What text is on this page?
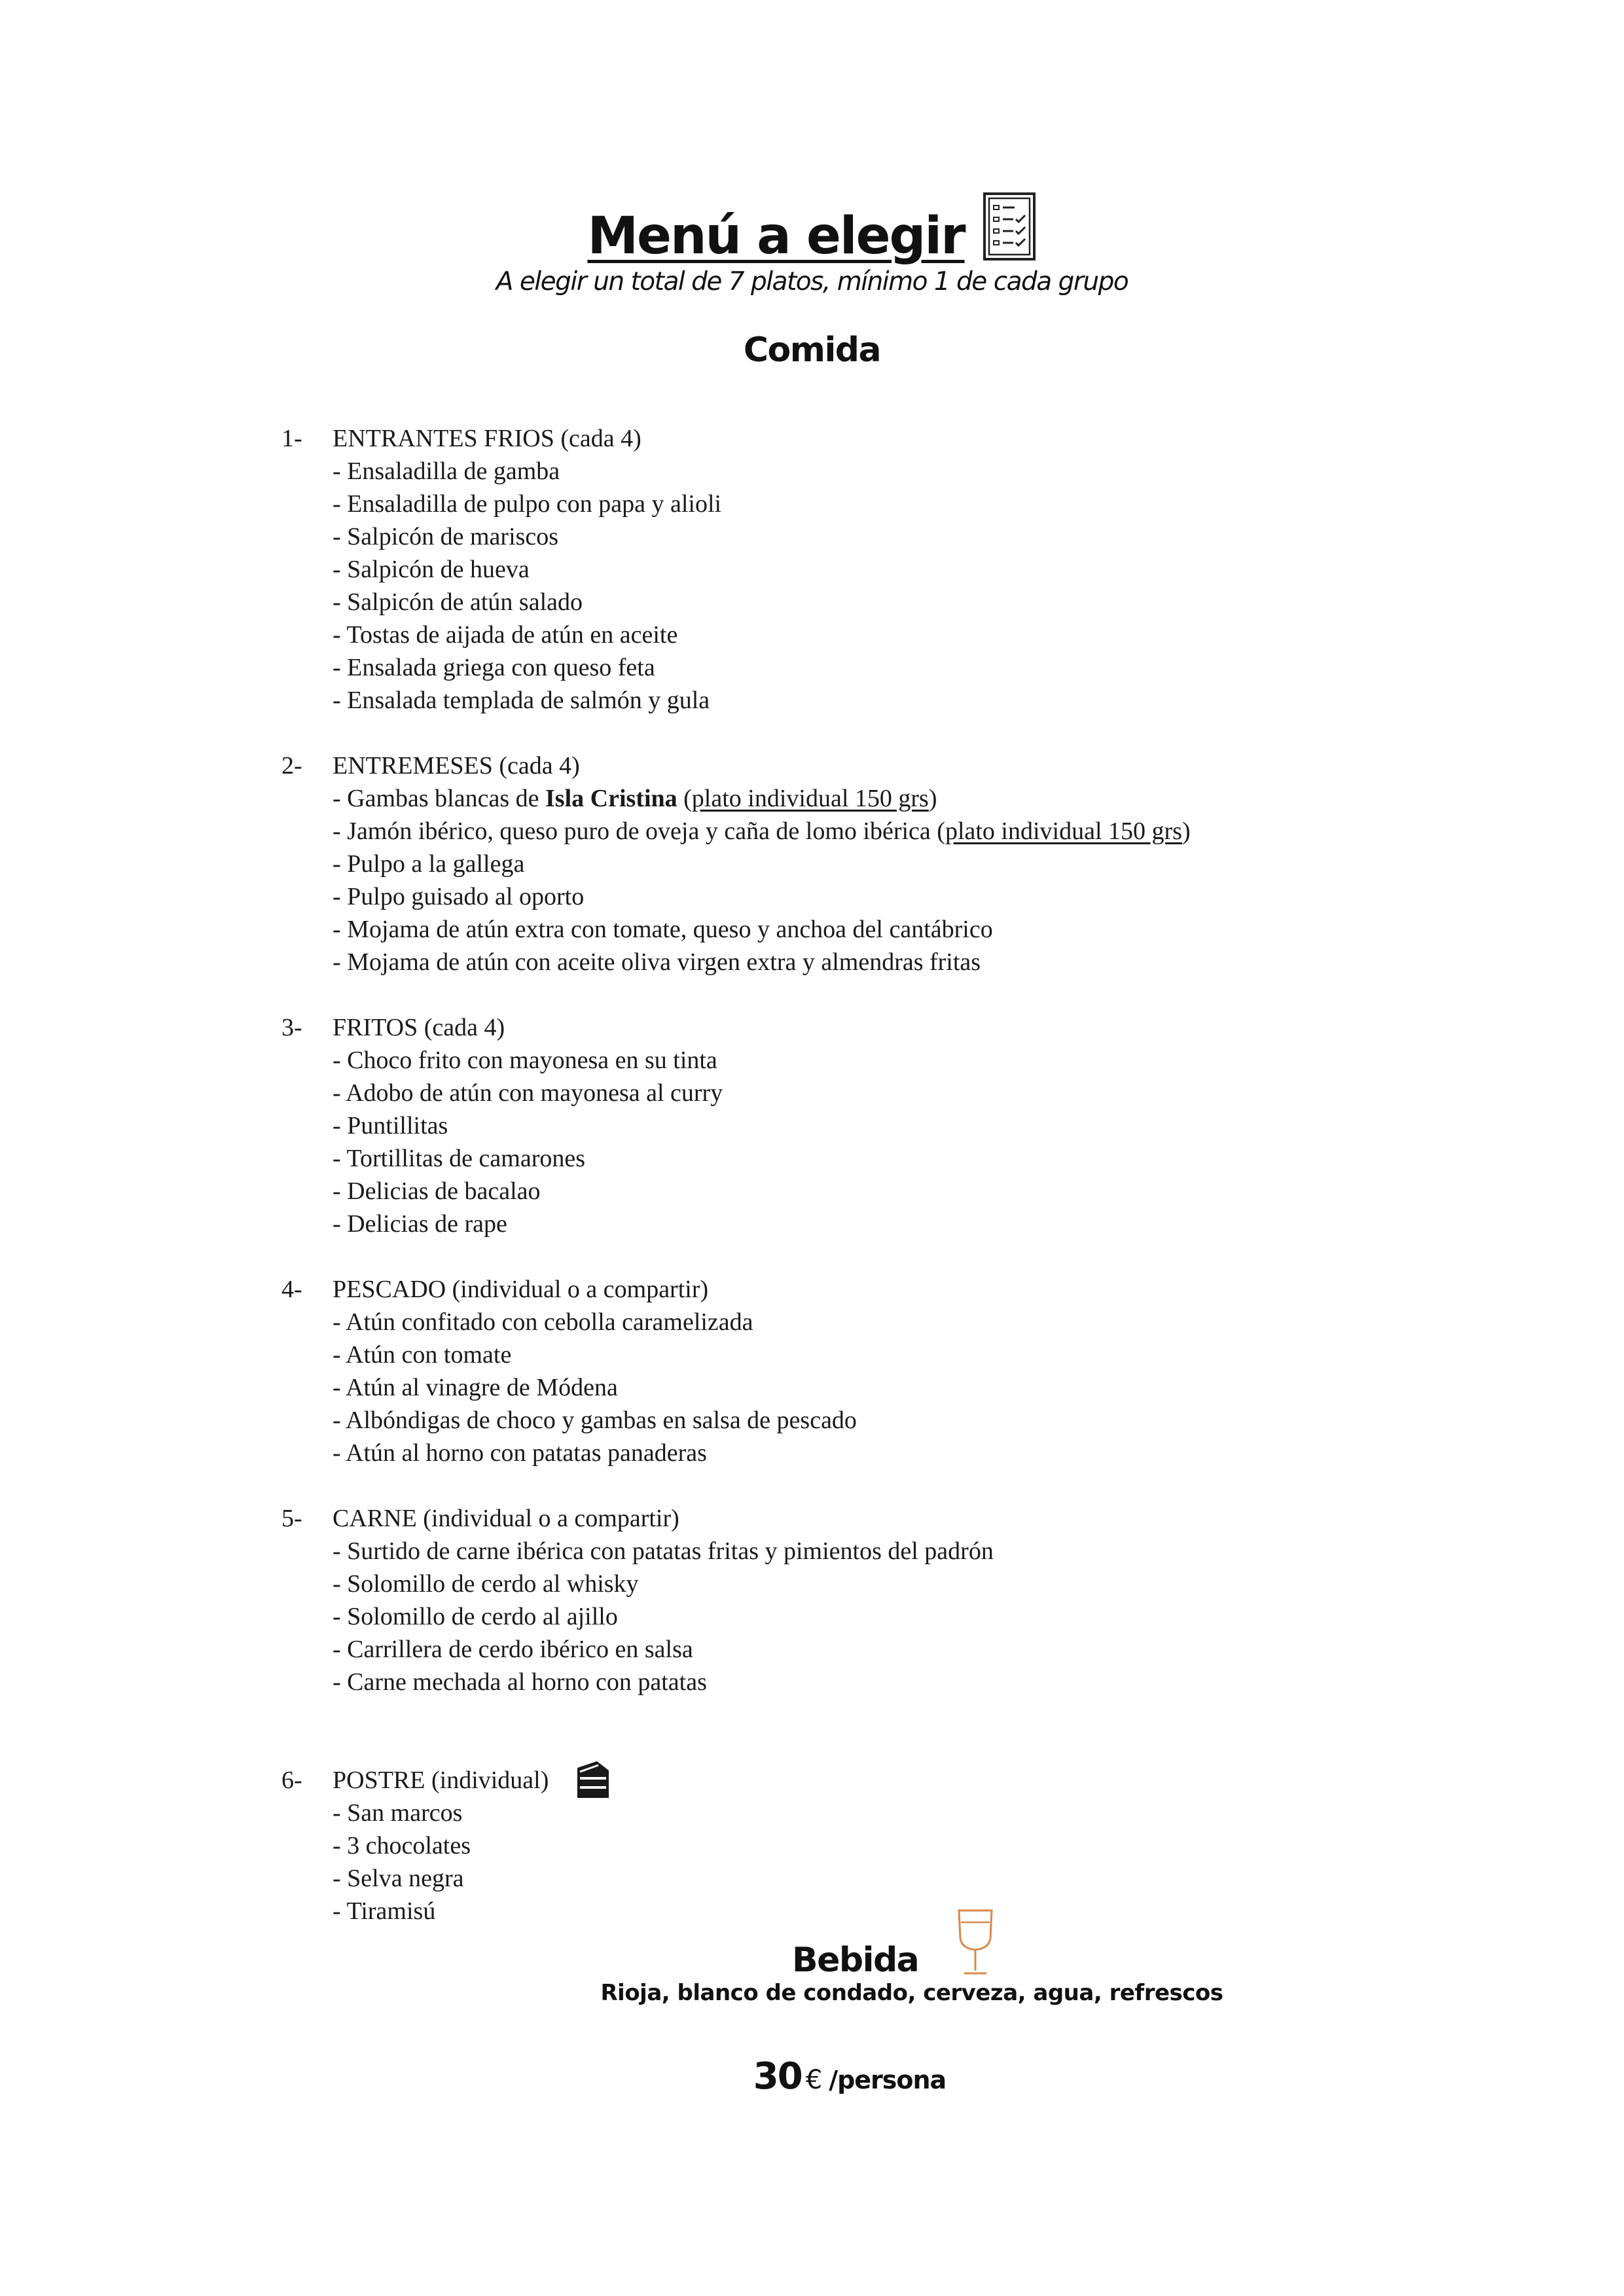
Menú a elegir
A elegir un total de 7 platos, mínimo 1 de cada grupo
Comida
1-	ENTRANTES FRIOS (cada 4)
- Ensaladilla de gamba
- Ensaladilla de pulpo con papa y alioli
- Salpicón de mariscos
- Salpicón de hueva
- Salpicón de atún salado
- Tostas de aijada de atún en aceite
- Ensalada griega con queso feta
- Ensalada templada de salmón y gula
2-	ENTREMESES (cada 4)
- Gambas blancas de Isla Cristina (plato individual 150 grs)
- Jamón ibérico, queso puro de oveja y caña de lomo ibérica (plato individual 150 grs)
- Pulpo a la gallega
- Pulpo guisado al oporto
- Mojama de atún extra con tomate, queso y anchoa del cantábrico
- Mojama de atún con aceite oliva virgen extra y almendras fritas
3-	FRITOS (cada 4)
- Choco frito con mayonesa en su tinta
- Adobo de atún con mayonesa al curry
- Puntillitas
- Tortillitas de camarones
- Delicias de bacalao
- Delicias de rape
4-	PESCADO (individual o a compartir)
- Atún confitado con cebolla caramelizada
- Atún con tomate
- Atún al vinagre de Módena
- Albóndigas de choco y gambas en salsa de pescado
- Atún al horno con patatas panaderas
5-	CARNE (individual o a compartir)
- Surtido de carne ibérica con patatas fritas y pimientos del padrón
- Solomillo de cerdo al whisky
- Solomillo de cerdo al ajillo
- Carrillera de cerdo ibérico en salsa
- Carne mechada al horno con patatas
6-	POSTRE (individual)
- San marcos
- 3 chocolates
- Selva negra
- Tiramisú
Bebida
Rioja, blanco de condado, cerveza, agua, refrescos
30 € /persona
